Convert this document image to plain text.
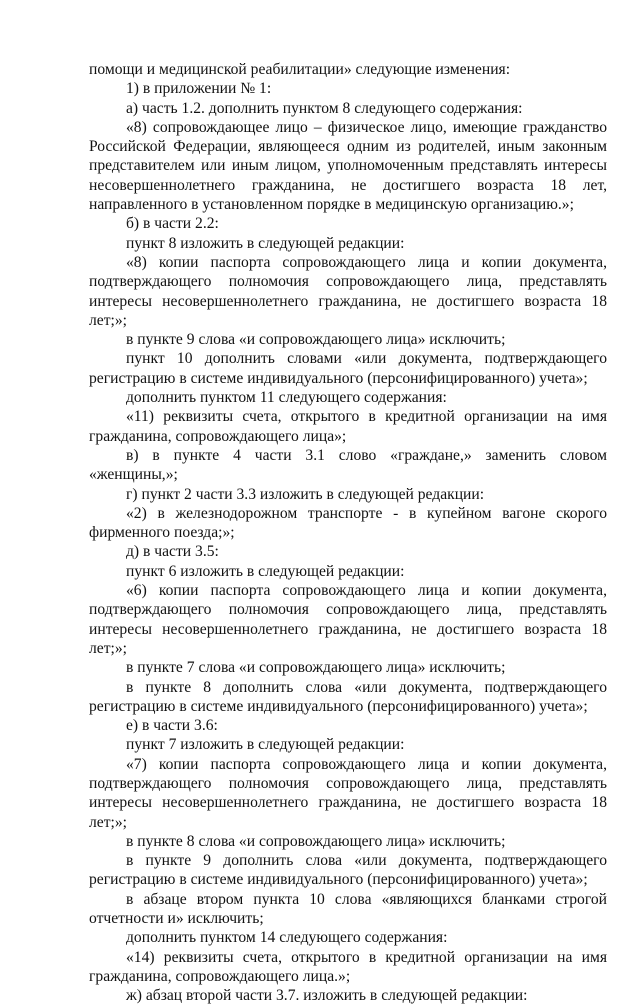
помощи и медицинской реабилитации» следующие изменения:

1) в приложении № 1:

а) часть 1.2. дополнить пунктом 8 следующего содержания:

«8) сопровождающее лицо – физическое лицо, имеющие гражданство Российской Федерации, являющееся одним из родителей, иным законным представителем или иным лицом, уполномоченным представлять интересы несовершеннолетнего гражданина, не достигшего возраста 18 лет, направленного в установленном порядке в медицинскую организацию.»;

б) в части 2.2:

пункт 8 изложить в следующей редакции:

«8) копии паспорта сопровождающего лица и копии документа, подтверждающего полномочия сопровождающего лица, представлять интересы несовершеннолетнего гражданина, не достигшего возраста 18 лет;»;

в пункте 9 слова «и сопровождающего лица» исключить;

пункт 10 дополнить словами «или документа, подтверждающего регистрацию в системе индивидуального (персонифицированного) учета»;

дополнить пунктом 11 следующего содержания:

«11) реквизиты счета, открытого в кредитной организации на имя гражданина, сопровождающего лица»;

в) в пункте 4 части 3.1 слово «граждане,» заменить словом «женщины,»;

г) пункт 2 части 3.3 изложить в следующей редакции:

«2) в железнодорожном транспорте - в купейном вагоне скорого фирменного поезда;»;

д) в части 3.5:

пункт 6 изложить в следующей редакции:

«6) копии паспорта сопровождающего лица и копии документа, подтверждающего полномочия сопровождающего лица, представлять интересы несовершеннолетнего гражданина, не достигшего возраста 18 лет;»;

в пункте 7 слова «и сопровождающего лица» исключить;

в пункте 8 дополнить слова «или документа, подтверждающего регистрацию в системе индивидуального (персонифицированного) учета»;

е) в части 3.6:

пункт 7 изложить в следующей редакции:

«7) копии паспорта сопровождающего лица и копии документа, подтверждающего полномочия сопровождающего лица, представлять интересы несовершеннолетнего гражданина, не достигшего возраста 18 лет;»;

в пункте 8 слова «и сопровождающего лица» исключить;

в пункте 9 дополнить слова «или документа, подтверждающего регистрацию в системе индивидуального (персонифицированного) учета»;

в абзаце втором пункта 10 слова «являющихся бланками строгой отчетности и» исключить;

дополнить пунктом 14 следующего содержания:

«14) реквизиты счета, открытого в кредитной организации на имя гражданина, сопровождающего лица.»;

ж) абзац второй части 3.7. изложить в следующей редакции:
